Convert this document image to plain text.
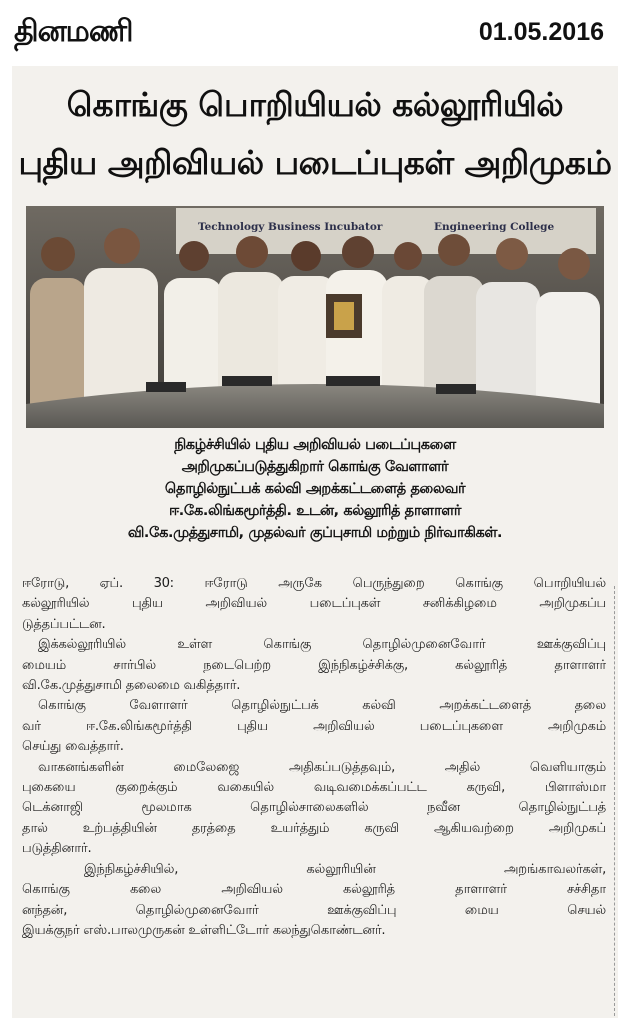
தினமணி	01.05.2016
கொங்கு பொறியியல் கல்லூரியில்
புதிய அறிவியல் படைப்புகள் அறிமுகம்
Technology Business Incubator	Engineering College
நிகழ்ச்சியில் புதிய அறிவியல் படைப்புகளை
அறிமுகப்படுத்துகிறார் கொங்கு வேளாளர்
தொழில்நுட்பக் கல்வி அறக்கட்டளைத் தலைவர்
ஈ.கே.லிங்கமூர்த்தி. உடன், கல்லூரித் தாளாளர்
வி.கே.முத்துசாமி, முதல்வர் குப்புசாமி மற்றும் நிர்வாகிகள்.
ஈரோடு, ஏப். 30: ஈரோடு அருகே பெருந்துறை கொங்கு பொறியியல்
கல்லூரியில் புதிய அறிவியல் படைப்புகள் சனிக்கிழமை அறிமுகப்ப
டுத்தப்பட்டன.
இக்கல்லூரியில் உள்ள கொங்கு தொழில்முனைவோர் ஊக்குவிப்பு
மையம் சார்பில் நடைபெற்ற இந்நிகழ்ச்சிக்கு, கல்லூரித் தாளாளர்
வி.கே.முத்துசாமி தலைமை வகித்தார்.
கொங்கு வேளாளர் தொழில்நுட்பக் கல்வி அறக்கட்டளைத் தலை
வர் ஈ.கே.லிங்கமூர்த்தி புதிய அறிவியல் படைப்புகளை அறிமுகம்
செய்து வைத்தார்.
வாகனங்களின் மைலேஜை அதிகப்படுத்தவும், அதில் வெளியாகும்
புகையை குறைக்கும் வகையில் வடிவமைக்கப்பட்ட கருவி, பிளாஸ்மா
டெக்னாஜி மூலமாக தொழில்சாலைகளில் நவீன தொழில்நுட்பத்
தால் உற்பத்தியின் தரத்தை உயர்த்தும் கருவி ஆகியவற்றை அறிமுகப்
படுத்தினார்.
இந்நிகழ்ச்சியில், கல்லூரியின் அறங்காவலர்கள்,
கொங்கு கலை அறிவியல் கல்லூரித் தாளாளர் சச்சிதா
னந்தன், தொழில்முனைவோர் ஊக்குவிப்பு மைய செயல்
இயக்குநர் எஸ்.பாலமுருகன் உள்ளிட்டோர் கலந்துகொண்டனர்.
